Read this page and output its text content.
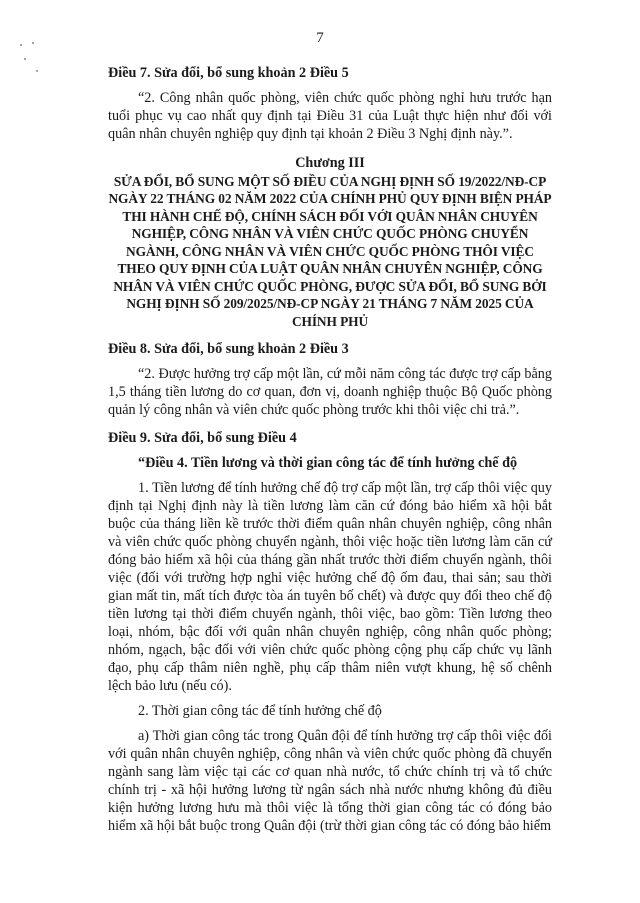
7

Điều 7. Sửa đổi, bổ sung khoản 2 Điều 5

“2. Công nhân quốc phòng, viên chức quốc phòng nghỉ hưu trước hạn tuổi phục vụ cao nhất quy định tại Điều 31 của Luật thực hiện như đối với quân nhân chuyên nghiệp quy định tại khoản 2 Điều 3 Nghị định này.”.

Chương III

SỬA ĐỔI, BỔ SUNG MỘT SỐ ĐIỀU CỦA NGHỊ ĐỊNH SỐ 19/2022/NĐ-CP NGÀY 22 THÁNG 02 NĂM 2022 CỦA CHÍNH PHỦ QUY ĐỊNH BIỆN PHÁP THI HÀNH CHẾ ĐỘ, CHÍNH SÁCH ĐỐI VỚI QUÂN NHÂN CHUYÊN NGHIỆP, CÔNG NHÂN VÀ VIÊN CHỨC QUỐC PHÒNG CHUYỂN NGÀNH, CÔNG NHÂN VÀ VIÊN CHỨC QUỐC PHÒNG THÔI VIỆC THEO QUY ĐỊNH CỦA LUẬT QUÂN NHÂN CHUYÊN NGHIỆP, CÔNG NHÂN VÀ VIÊN CHỨC QUỐC PHÒNG, ĐƯỢC SỬA ĐỔI, BỔ SUNG BỞI NGHỊ ĐỊNH SỐ 209/2025/NĐ-CP NGÀY 21 THÁNG 7 NĂM 2025 CỦA CHÍNH PHỦ

Điều 8. Sửa đổi, bổ sung khoản 2 Điều 3

“2. Được hưởng trợ cấp một lần, cứ mỗi năm công tác được trợ cấp bằng 1,5 tháng tiền lương do cơ quan, đơn vị, doanh nghiệp thuộc Bộ Quốc phòng quản lý công nhân và viên chức quốc phòng trước khi thôi việc chi trả.”.

Điều 9. Sửa đổi, bổ sung Điều 4

“Điều 4. Tiền lương và thời gian công tác để tính hưởng chế độ

1. Tiền lương để tính hưởng chế độ trợ cấp một lần, trợ cấp thôi việc quy định tại Nghị định này là tiền lương làm căn cứ đóng bảo hiểm xã hội bắt buộc của tháng liền kề trước thời điểm quân nhân chuyên nghiệp, công nhân và viên chức quốc phòng chuyển ngành, thôi việc hoặc tiền lương làm căn cứ đóng bảo hiểm xã hội của tháng gần nhất trước thời điểm chuyển ngành, thôi việc (đối với trường hợp nghỉ việc hưởng chế độ ốm đau, thai sản; sau thời gian mất tin, mất tích được tòa án tuyên bố chết) và được quy đổi theo chế độ tiền lương tại thời điểm chuyển ngành, thôi việc, bao gồm: Tiền lương theo loại, nhóm, bậc đối với quân nhân chuyên nghiệp, công nhân quốc phòng; nhóm, ngạch, bậc đối với viên chức quốc phòng cộng phụ cấp chức vụ lãnh đạo, phụ cấp thâm niên nghề, phụ cấp thâm niên vượt khung, hệ số chênh lệch bảo lưu (nếu có).

2. Thời gian công tác để tính hưởng chế độ

a) Thời gian công tác trong Quân đội để tính hưởng trợ cấp thôi việc đối với quân nhân chuyên nghiệp, công nhân và viên chức quốc phòng đã chuyển ngành sang làm việc tại các cơ quan nhà nước, tổ chức chính trị và tổ chức chính trị - xã hội hưởng lương từ ngân sách nhà nước nhưng không đủ điều kiện hưởng lương hưu mà thôi việc là tổng thời gian công tác có đóng bảo hiểm xã hội bắt buộc trong Quân đội (trừ thời gian công tác có đóng bảo hiểm
